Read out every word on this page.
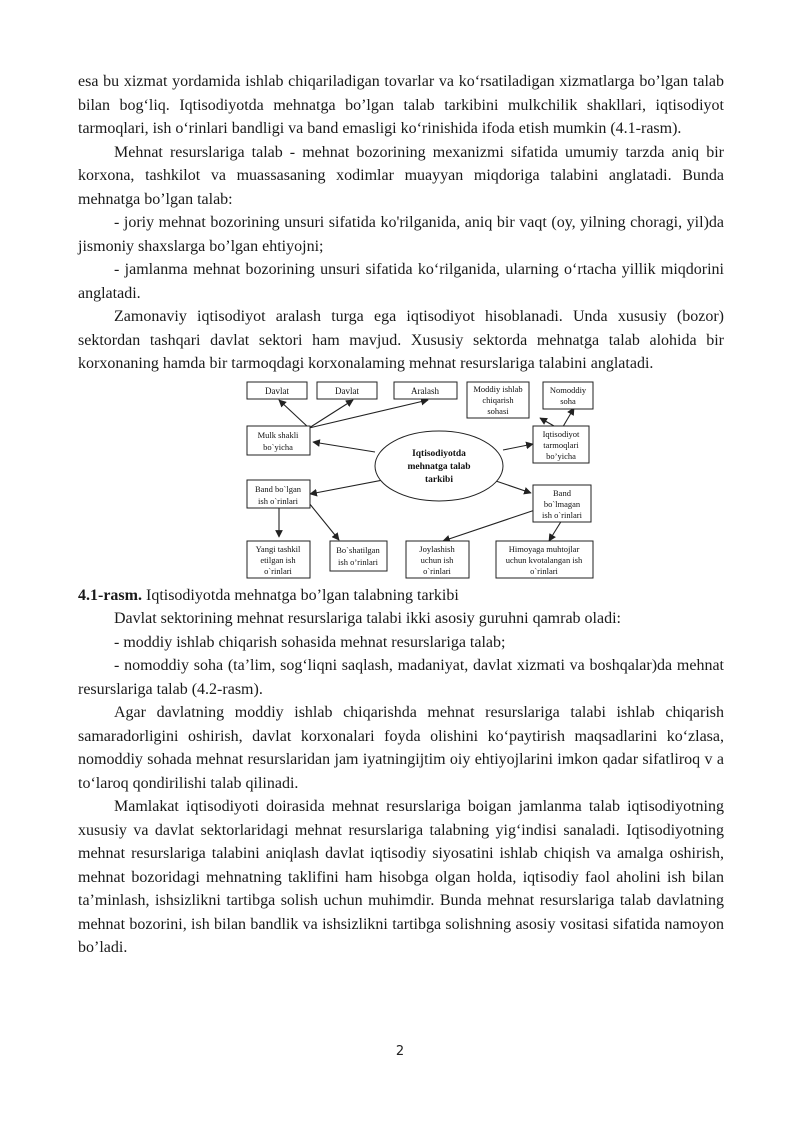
esa bu xizmat yordamida ishlab chiqariladigan tovarlar va ko‘rsatiladigan xizmatlarga bo’lgan talab bilan bog‘liq. Iqtisodiyotda mehnatga bo’lgan talab tarkibini mulkchilik shakllari, iqtisodiyot tarmoqlari, ish o‘rinlari bandligi va band emasligi ko‘rinishida ifoda etish mumkin (4.1-rasm).

Mehnat resurslariga talab - mehnat bozorining mexanizmi sifatida umumiy tarzda aniq bir korxona, tashkilot va muassasaning xodimlar muayyan miqdoriga talabini anglatadi. Bunda mehnatga bo’lgan talab:

- joriy mehnat bozorining unsuri sifatida ko'rilganida, aniq bir vaqt (oy, yilning choragi, yil)da jismoniy shaxslarga bo’lgan ehtiyojni;

- jamlanma mehnat bozorining unsuri sifatida ko‘rilganida, ularning o‘rtacha yillik miqdorini anglatadi.

Zamonaviy iqtisodiyot aralash turga ega iqtisodiyot hisoblanadi. Unda xususiy (bozor) sektordan tashqari davlat sektori ham mavjud. Xususiy sektorda mehnatga talab alohida bir korxonaning hamda bir tarmoqdagi korxonalaming mehnat resurslariga talabini anglatadi.

Iqtisodiyotda
mehnatga talab
tarkibi
Davlat	Davlat	Aralash	Moddiy ishlab
chiqarish
sohasi
Nomoddiy
soha
Mulk shakli
bo`yicha
Iqtisodiyot
tarmoqlari
bo’yicha
Band bo`lgan
ish o`rinlari
Band
bo`lmagan
ish o`rinlari
Yangi tashkil
etilgan ish
o`rinlari
Bo`shatilgan
ish o’rinlari
Joylashish
uchun ish
o`rinlari
Himoyaga muhtojlar
uchun kvotalangan ish
o`rinlari

4.1-rasm. Iqtisodiyotda mehnatga bo’lgan talabning tarkibi

Davlat sektorining mehnat resurslariga talabi ikki asosiy guruhni qamrab oladi:

- moddiy ishlab chiqarish sohasida mehnat resurslariga talab;

- nomoddiy soha (ta’lim, sog‘liqni saqlash, madaniyat, davlat xizmati va boshqalar)da mehnat resurslariga talab (4.2-rasm).

Agar davlatning moddiy ishlab chiqarishda mehnat resurslariga talabi ishlab chiqarish samaradorligini oshirish, davlat korxonalari foyda olishini ko‘paytirish maqsadlarini ko‘zlasa, nomoddiy sohada mehnat resurslaridan jam iyatningijtim oiy ehtiyojlarini imkon qadar sifatliroq v a to‘laroq qondirilishi talab qilinadi.

Mamlakat iqtisodiyoti doirasida mehnat resurslariga boigan jamlanma talab iqtisodiyotning xususiy va davlat sektorlaridagi mehnat resurslariga talabning yig‘indisi sanaladi. Iqtisodiyotning mehnat resurslariga talabini aniqlash davlat iqtisodiy siyosatini ishlab chiqish va amalga oshirish, mehnat bozoridagi mehnatning taklifini ham hisobga olgan holda, iqtisodiy faol aholini ish bilan ta’minlash, ishsizlikni tartibga solish uchun muhimdir. Bunda mehnat resurslariga talab davlatning mehnat bozorini, ish bilan bandlik va ishsizlikni tartibga solishning asosiy vositasi sifatida namoyon bo’ladi.

2
